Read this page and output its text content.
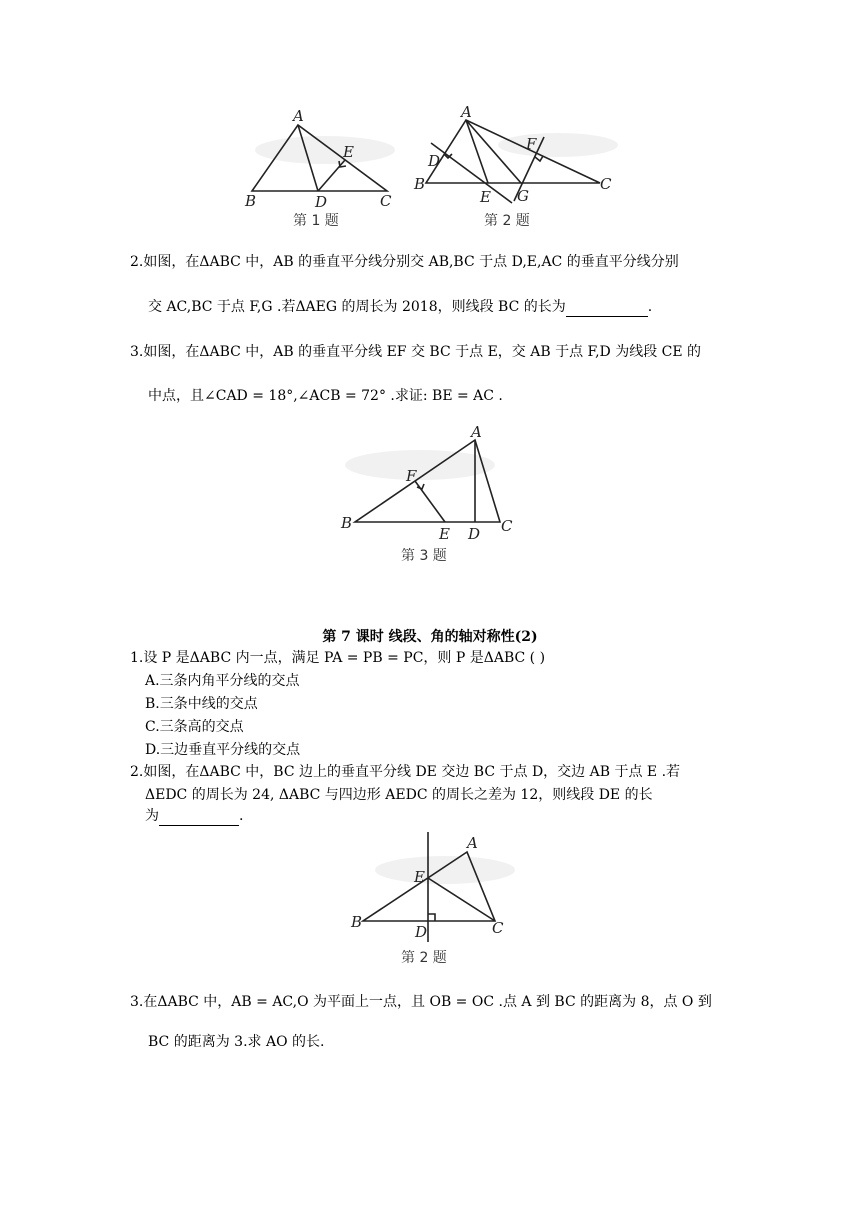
A
B	C
D
E
第 1 题
A
B	C
D
E
F
G
第 2 题
2.如图，在ΔABC 中，AB 的垂直平分线分别交 AB,BC 于点 D,E,AC 的垂直平分线分别
交 AC,BC 于点 F,G .若ΔAEG 的周长为 2018，则线段 BC 的长为	.
3.如图，在ΔABC 中，AB 的垂直平分线 EF 交 BC 于点 E，交 AB 于点 F,D 为线段 CE 的
中点，且∠CAD = 18°,∠ACB = 72° .求证: BE = AC .
A
B	C
D
E
F
第 3 题
第 7 课时 线段、角的轴对称性(2)
1.设 P 是ΔABC 内一点，满足 PA = PB = PC，则 P 是ΔABC ( )
A.三条内角平分线的交点
B.三条中线的交点
C.三条高的交点
D.三边垂直平分线的交点
2.如图，在ΔABC 中，BC 边上的垂直平分线 DE 交边 BC 于点 D，交边 AB 于点 E .若
ΔEDC 的周长为 24, ΔABC 与四边形 AEDC 的周长之差为 12，则线段 DE 的长
为	.
A
B	C
D
E
第 2 题
3.在ΔABC 中，AB = AC,O 为平面上一点，且 OB = OC .点 A 到 BC 的距离为 8，点 O 到
BC 的距离为 3.求 AO 的长.
